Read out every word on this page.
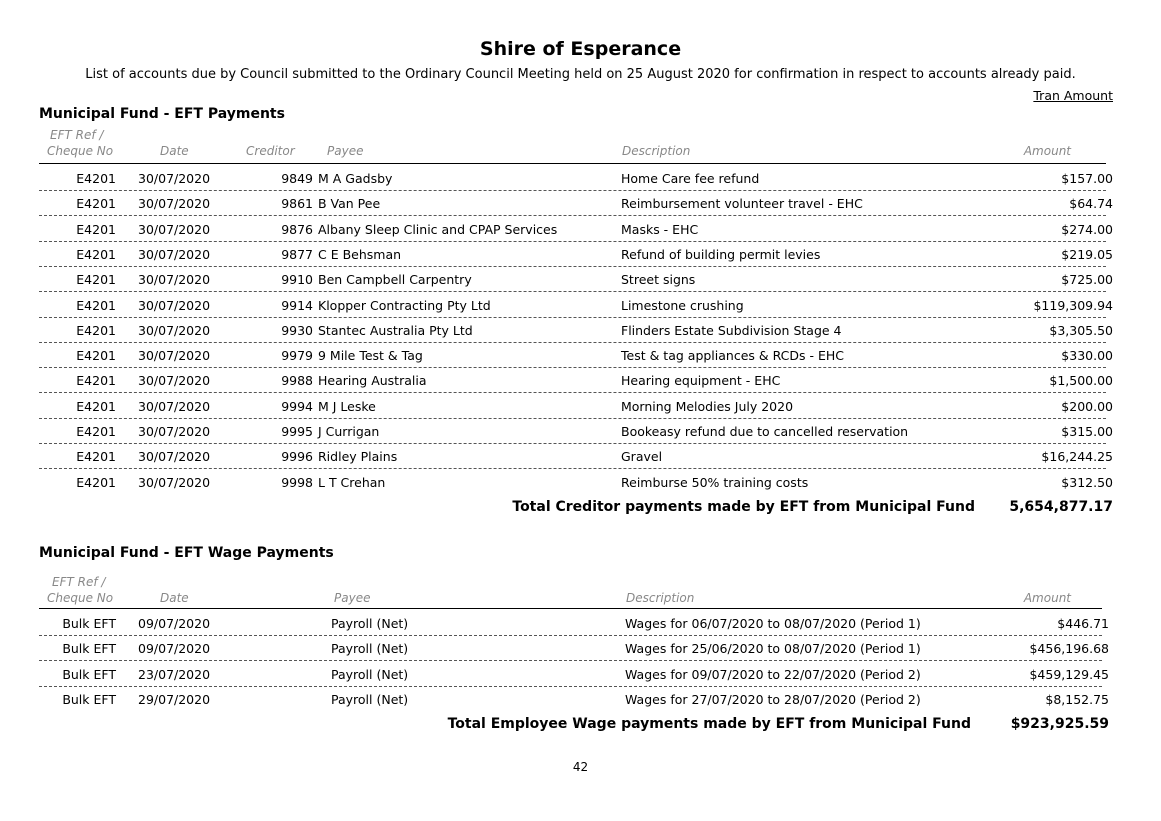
Shire of Esperance
List of accounts due by Council submitted to the Ordinary Council Meeting held on 25 August 2020 for confirmation in respect to accounts already paid.
Tran Amount
Municipal Fund - EFT Payments
EFT Ref /
Cheque No	Date	Creditor	Payee	Description	Amount
E4201 30/07/2020	9849 M A Gadsby	Home Care fee refund	$157.00
E4201 30/07/2020	9861 B Van Pee	Reimbursement volunteer travel - EHC	$64.74
E4201 30/07/2020	9876 Albany Sleep Clinic and CPAP Services	Masks - EHC	$274.00
E4201 30/07/2020	9877 C E Behsman	Refund of building permit levies	$219.05
E4201 30/07/2020	9910 Ben Campbell Carpentry	Street signs	$725.00
E4201 30/07/2020	9914 Klopper Contracting Pty Ltd	Limestone crushing	$119,309.94
E4201 30/07/2020	9930 Stantec Australia Pty Ltd	Flinders Estate Subdivision Stage 4	$3,305.50
E4201 30/07/2020	9979 9 Mile Test & Tag	Test & tag appliances & RCDs - EHC	$330.00
E4201 30/07/2020	9988 Hearing Australia	Hearing equipment - EHC	$1,500.00
E4201 30/07/2020	9994 M J Leske	Morning Melodies July 2020	$200.00
E4201 30/07/2020	9995 J Currigan	Bookeasy refund due to cancelled reservation	$315.00
E4201 30/07/2020	9996 Ridley Plains	Gravel	$16,244.25
E4201 30/07/2020	9998 L T Crehan	Reimburse 50% training costs	$312.50
Total Creditor payments made by EFT from Municipal Fund 5,654,877.17
Municipal Fund - EFT Wage Payments
EFT Ref /
Cheque No	Date	Payee	Description	Amount
Bulk EFT 09/07/2020	Payroll (Net)	Wages for 06/07/2020 to 08/07/2020 (Period 1)	$446.71
Bulk EFT 09/07/2020	Payroll (Net)	Wages for 25/06/2020 to 08/07/2020 (Period 1)	$456,196.68
Bulk EFT 23/07/2020	Payroll (Net)	Wages for 09/07/2020 to 22/07/2020 (Period 2)	$459,129.45
Bulk EFT 29/07/2020	Payroll (Net)	Wages for 27/07/2020 to 28/07/2020 (Period 2)	$8,152.75
Total Employee Wage payments made by EFT from Municipal Fund	$923,925.59
42
